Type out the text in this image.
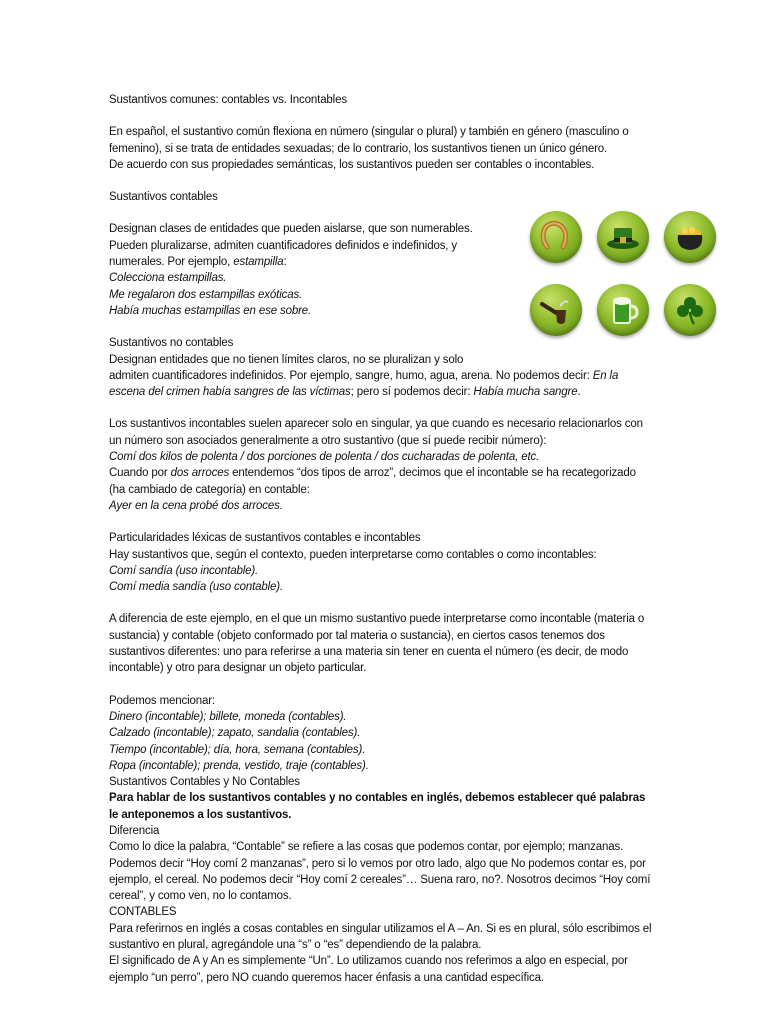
Sustantivos comunes: contables vs. Incontables

En español, el sustantivo común flexiona en número (singular o plural) y también en género (masculino o femenino), si se trata de entidades sexuadas; de lo contrario, los sustantivos tienen un único género.

De acuerdo con sus propiedades semánticas, los sustantivos pueden ser contables o incontables.

Sustantivos contables

Designan clases de entidades que pueden aislarse, que son numerables.

Pueden pluralizarse, admiten cuantificadores definidos e indefinidos, y

numerales. Por ejemplo, estampilla:

Colecciona estampillas.

Me regalaron dos estampillas exóticas.

Había muchas estampillas en ese sobre.

Sustantivos no contables

Designan entidades que no tienen límites claros, no se pluralizan y solo

admiten cuantificadores indefinidos. Por ejemplo, sangre, humo, agua, arena. No podemos decir: En la escena del crimen había sangres de las víctimas; pero sí podemos decir: Había mucha sangre.

Los sustantivos incontables suelen aparecer solo en singular, ya que cuando es necesario relacionarlos con un número son asociados generalmente a otro sustantivo (que sí puede recibir número):

Comí dos kilos de polenta / dos porciones de polenta / dos cucharadas de polenta, etc.

Cuando por dos arroces entendemos “dos tipos de arroz”, decimos que el incontable se ha recategorizado (ha cambiado de categoría) en contable:

Ayer en la cena probé dos arroces.

Particularidades léxicas de sustantivos contables e incontables

Hay sustantivos que, según el contexto, pueden interpretarse como contables o como incontables:

Comí sandía (uso incontable).

Comí media sandía (uso contable).

A diferencia de este ejemplo, en el que un mismo sustantivo puede interpretarse como incontable (materia o sustancia) y contable (objeto conformado por tal materia o sustancia), en ciertos casos tenemos dos sustantivos diferentes: uno para referirse a una materia sin tener en cuenta el número (es decir, de modo incontable) y otro para designar un objeto particular.

Podemos mencionar:

Dinero (incontable); billete, moneda (contables).

Calzado (incontable); zapato, sandalia (contables).

Tiempo (incontable); día, hora, semana (contables).

Ropa (incontable); prenda, vestido, traje (contables).

Sustantivos Contables y No Contables

Para hablar de los sustantivos contables y no contables en inglés, debemos establecer qué palabras le anteponemos a los sustantivos.

Diferencia

Como lo dice la palabra, “Contable” se refiere a las cosas que podemos contar, por ejemplo; manzanas. Podemos decir “Hoy comí 2 manzanas”, pero si lo vemos por otro lado, algo que No podemos contar es, por ejemplo, el cereal. No podemos decir “Hoy comí 2 cereales”… Suena raro, no?. Nosotros decimos “Hoy comí cereal”, y como ven, no lo contamos.

CONTABLES

Para referirnos en inglés a cosas contables en singular utilizamos el A – An. Si es en plural, sólo escribimos el sustantivo en plural, agregándole una “s” o “es” dependiendo de la palabra.

El significado de A y An es simplemente “Un”. Lo utilizamos cuando nos referimos a algo en especial, por ejemplo “un perro”, pero NO cuando queremos hacer énfasis a una cantidad específica.
